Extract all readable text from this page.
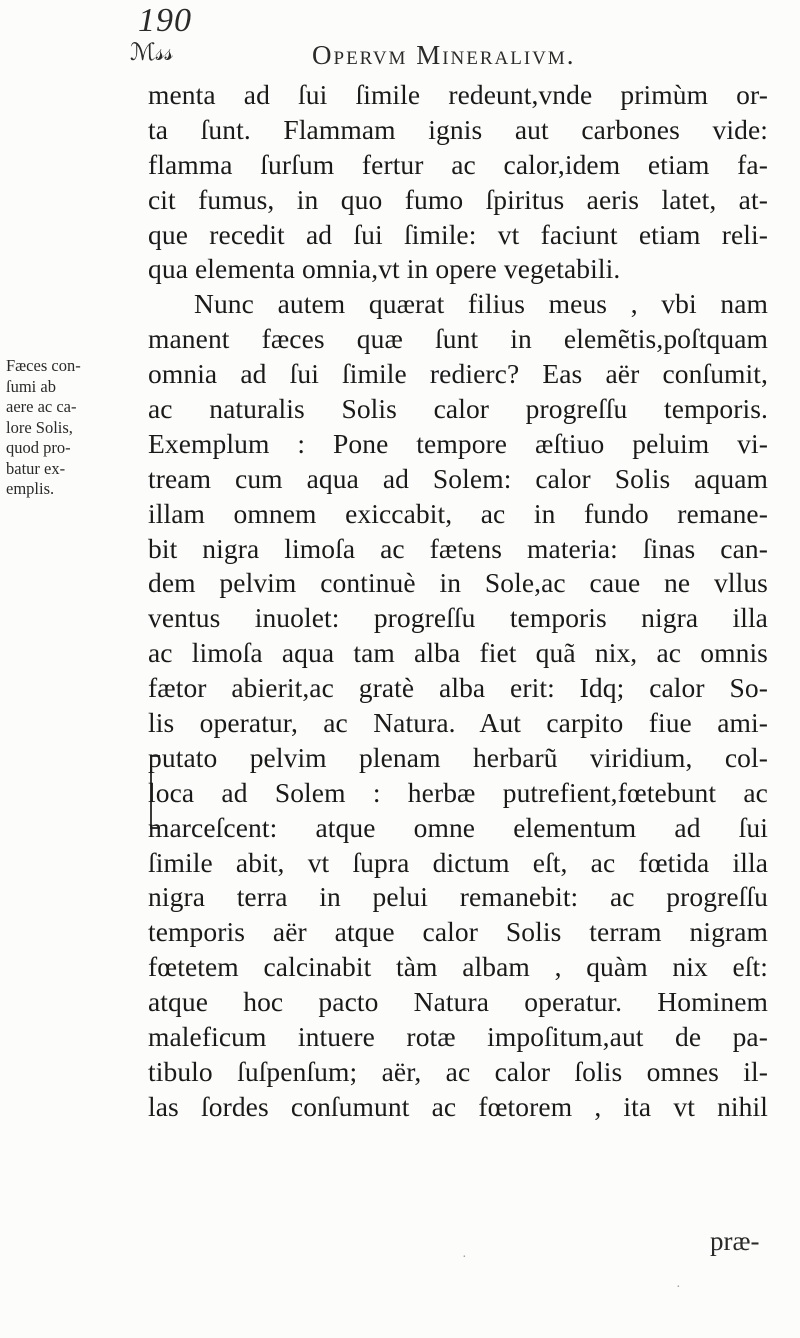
190
ℳ𝓈𝓈	Opervm Mineralivm.
Fæces con-
ſumi ab
aere ac ca-
lore Solis,
quod pro-
batur ex-
emplis.
menta ad ſui ſimile redeunt,vnde primùm or-
ta ſunt. Flammam ignis aut carbones vide:
flamma ſurſum fertur ac calor,idem etiam fa-
cit fumus, in quo fumo ſpiritus aeris latet, at-
que recedit ad ſui ſimile: vt faciunt etiam reli-
qua elementa omnia,vt in opere vegetabili.
Nunc autem quærat filius meus , vbi nam
manent fæces quæ ſunt in elemẽtis,poſtquam
omnia ad ſui ſimile redierc? Eas aër conſumit,
ac naturalis Solis calor progreſſu temporis.
Exemplum : Pone tempore æſtiuo peluim vi-
tream cum aqua ad Solem: calor Solis aquam
illam omnem exiccabit, ac in fundo remane-
bit nigra limoſa ac fætens materia: ſinas can-
dem pelvim continuè in Sole,ac caue ne vllus
ventus inuolet: progreſſu temporis nigra illa
ac limoſa aqua tam alba fiet quã nix, ac omnis
fætor abierit,ac gratè alba erit: Idq; calor So-
lis operatur, ac Natura. Aut carpito fiue ami-
putato pelvim plenam herbarũ viridium, col-
loca ad Solem : herbæ putrefient,fœtebunt ac
marceſcent: atque omne elementum ad ſui
ſimile abit, vt ſupra dictum eſt, ac fœtida illa
nigra terra in pelui remanebit: ac progreſſu
temporis aër atque calor Solis terram nigram
fœtetem calcinabit tàm albam , quàm nix eſt:
atque hoc pacto Natura operatur. Hominem
maleficum intuere rotæ impoſitum,aut de pa-
tibulo ſuſpenſum; aër, ac calor ſolis omnes il-
las ſordes conſumunt ac fœtorem , ita vt nihil
præ-
·
·
